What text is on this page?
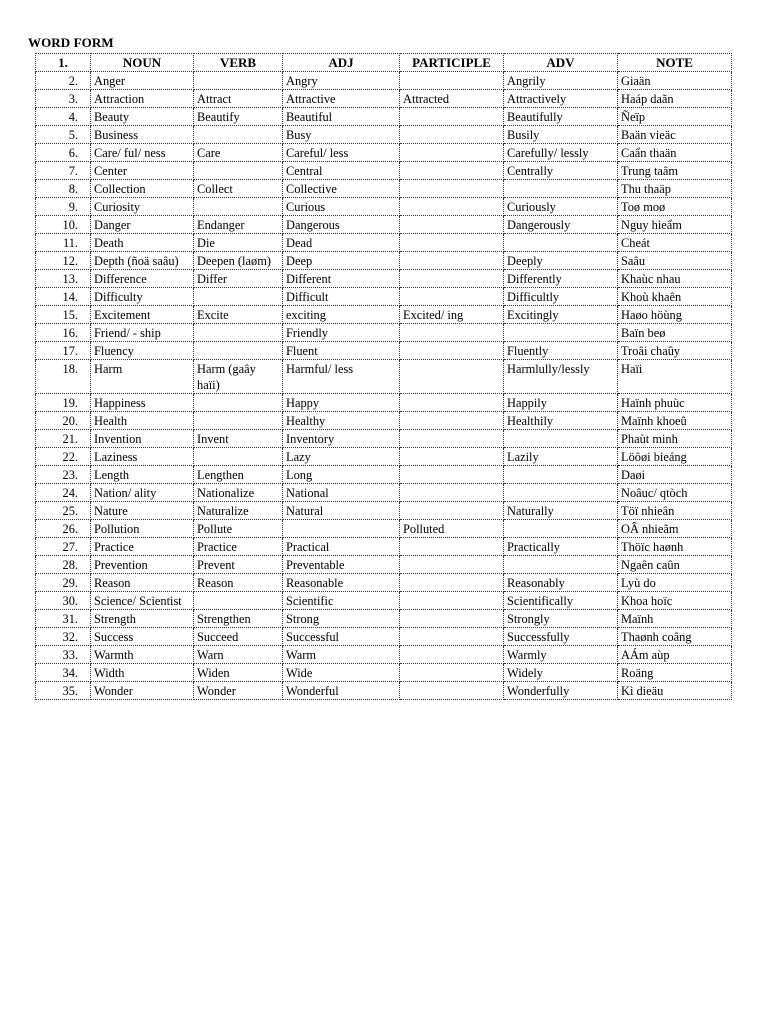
WORD FORM
1.	NOUN	VERB	ADJ	PARTICIPLE	ADV	NOTE
2.	Anger		Angry		Angrily	Giaän
3.	Attraction	Attract	Attractive	Attracted	Attractively	Haáp daãn
4.	Beauty	Beautify	Beautiful		Beautifully	Ñeïp
5.	Business		Busy		Busily	Baän vieäc
6.	Care/ ful/ ness	Care	Careful/ less		Carefully/ lessly	Caẩn thaän
7.	Center		Central		Centrally	Trung taâm
8.	Collection	Collect	Collective			Thu thaäp
9.	Curiosity		Curious		Curiously	Toø moø
10.	Danger	Endanger	Dangerous		Dangerously	Nguy hieẩm
11.	Death	Die	Dead			Cheát
12.	Depth (ñoä saâu)	Deepen (laøm)	Deep		Deeply	Saâu
13.	Difference	Differ	Different		Differently	Khaùc nhau
14.	Difficulty		Difficult		Difficultly	Khoù khaên
15.	Excitement	Excite	exciting	Excited/ ing	Excitingly	Haøo höùng
16.	Friend/ - ship		Friendly			Baïn beø
17.	Fluency		Fluent		Fluently	Troâi chaûy
18.	Harm	Harm (gaây haïi)	Harmful/ less		Harmlully/lessly	Haïi
19.	Happiness		Happy		Happily	Haïnh phuùc
20.	Health		Healthy		Healthily	Maïnh khoeû
21.	Invention	Invent	Inventory			Phaùt minh
22.	Laziness		Lazy		Lazily	Löôøi bieáng
23.	Length	Lengthen	Long			Daøi
24.	Nation/ ality	Nationalize	National			Noâuc/ qtòch
25.	Nature	Naturalize	Natural		Naturally	Töï nhieân
26.	Pollution	Pollute		Polluted		OÂ nhieãm
27.	Practice	Practice	Practical		Practically	Thöïc haønh
28.	Prevention	Prevent	Preventable			Ngaên caûn
29.	Reason	Reason	Reasonable		Reasonably	Lyù do
30.	Science/ Scientist		Scientific		Scientifically	Khoa hoïc
31.	Strength	Strengthen	Strong		Strongly	Maïnh
32.	Success	Succeed	Successful		Successfully	Thaønh coâng
33.	Warmth	Warn	Warm		Warmly	AÁm aùp
34.	Width	Widen	Wide		Widely	Roäng
35.	Wonder	Wonder	Wonderful		Wonderfully	Kì dieäu
